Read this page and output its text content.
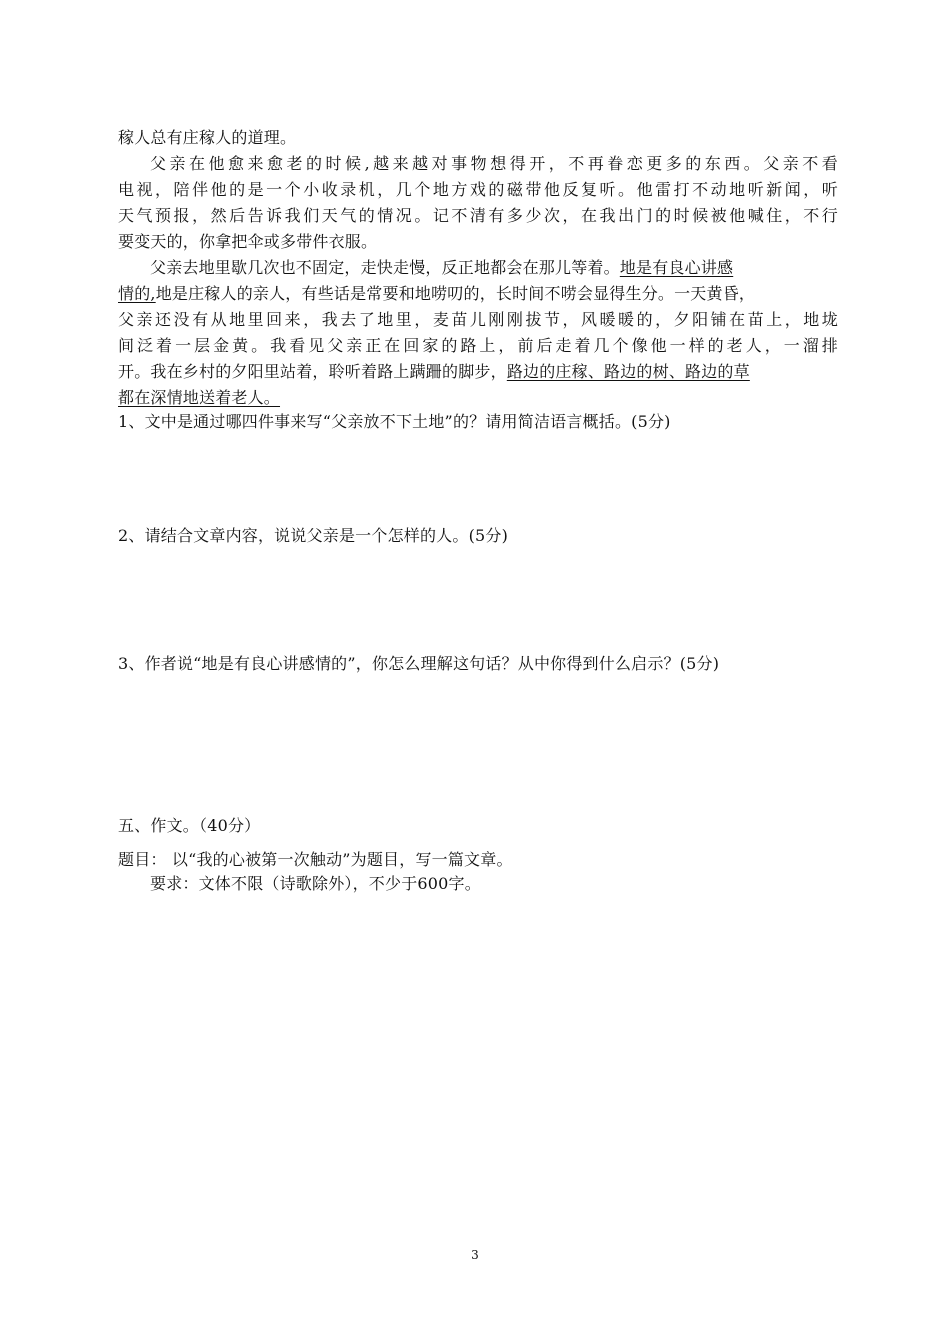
稼人总有庄稼人的道理。
父亲在他愈来愈老的时候,越来越对事物想得开，不再眷恋更多的东西。父亲不看
电视，陪伴他的是一个小收录机，几个地方戏的磁带他反复听。他雷打不动地听新闻，听
天气预报，然后告诉我们天气的情况。记不清有多少次，在我出门的时候被他喊住，不行
要变天的，你拿把伞或多带件衣服。
父亲去地里歇几次也不固定，走快走慢，反正地都会在那儿等着。地是有良心讲感
情的,地是庄稼人的亲人，有些话是常要和地唠叨的，长时间不唠会显得生分。一天黄昏，
父亲还没有从地里回来，我去了地里，麦苗儿刚刚拔节，风暖暖的，夕阳铺在苗上，地垅
间泛着一层金黄。我看见父亲正在回家的路上，前后走着几个像他一样的老人，一溜排
开。我在乡村的夕阳里站着，聆听着路上蹒跚的脚步，路边的庄稼、路边的树、路边的草
都在深情地送着老人。
1、文中是通过哪四件事来写“父亲放不下土地”的？请用简洁语言概括。(5分)
2、请结合文章内容，说说父亲是一个怎样的人。(5分)
3、作者说“地是有良心讲感情的”，你怎么理解这句话？从中你得到什么启示？(5分)
五、作文。（40分）
题目： 以“我的心被第一次触动”为题目，写一篇文章。
要求：文体不限（诗歌除外），不少于600字。
3
